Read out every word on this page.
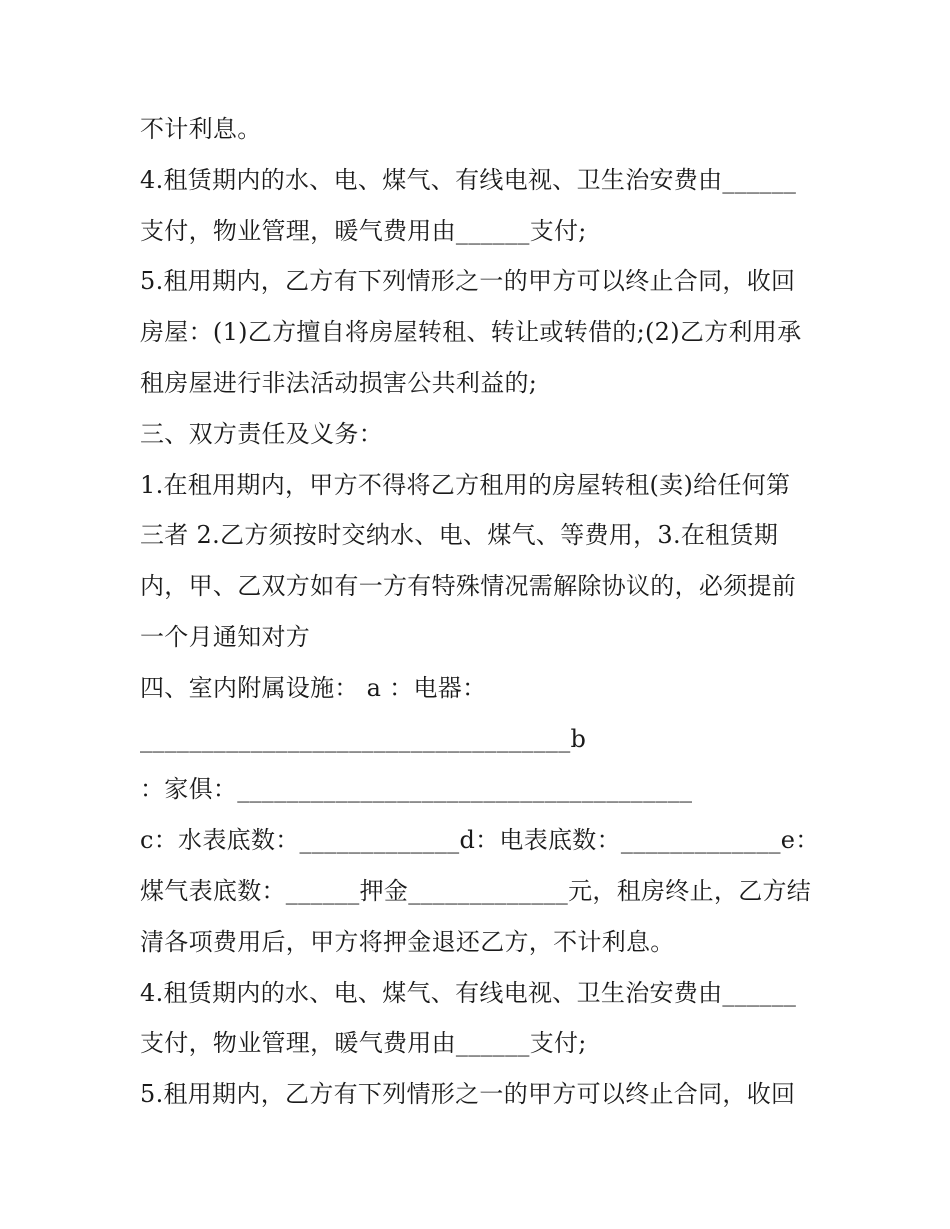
不计利息。
4.租赁期内的水、电、煤气、有线电视、卫生治安费由______
支付，物业管理，暖气费用由______支付;
5.租用期内，乙方有下列情形之一的甲方可以终止合同，收回
房屋：(1)乙方擅自将房屋转租、转让或转借的;(2)乙方利用承
租房屋进行非法活动损害公共利益的;
三、双方责任及义务：
1.在租用期内，甲方不得将乙方租用的房屋转租(卖)给任何第
三者 2.乙方须按时交纳水、电、煤气、等费用，3.在租赁期
内，甲、乙双方如有一方有特殊情况需解除协议的，必须提前
一个月通知对方
四、室内附属设施： a ：电器：
___________________________________b
：家俱：_____________________________________
c：水表底数：_____________d：电表底数：_____________e：
煤气表底数：______押金_____________元，租房终止，乙方结
清各项费用后，甲方将押金退还乙方，不计利息。
4.租赁期内的水、电、煤气、有线电视、卫生治安费由______
支付，物业管理，暖气费用由______支付;
5.租用期内，乙方有下列情形之一的甲方可以终止合同，收回
